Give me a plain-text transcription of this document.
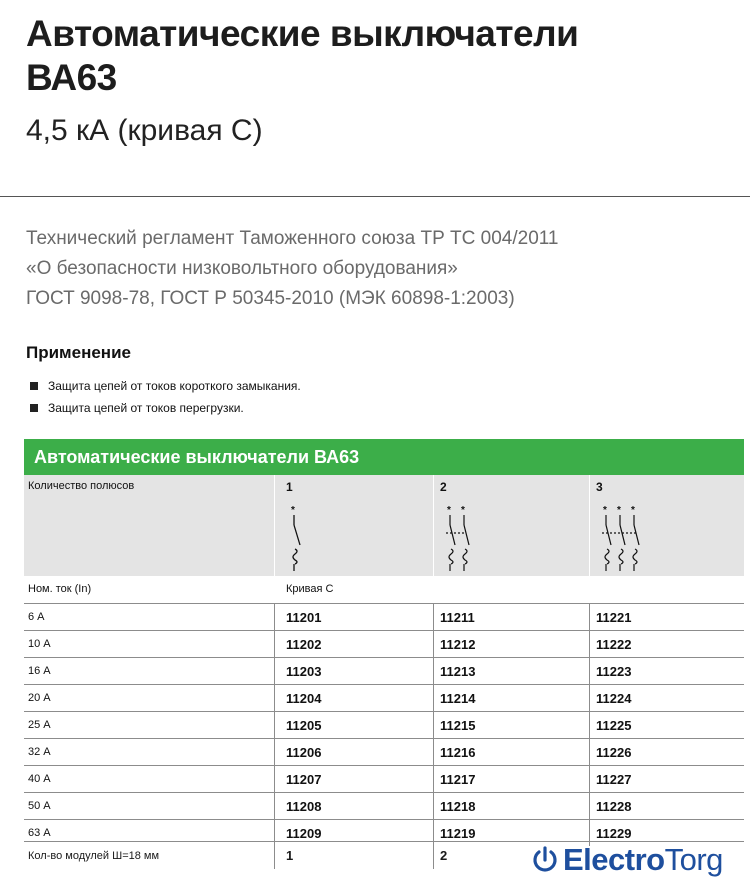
Автоматические выключатели
ВА63
4,5 кА (кривая С)
Технический регламент Таможенного союза ТР ТС 004/2011
«О безопасности низковольтного оборудования»
ГОСТ 9098-78, ГОСТ Р 50345-2010 (МЭК 60898-1:2003)
Применение
Защита цепей от токов короткого замыкания.
Защита цепей от токов перегрузки.
Автоматические выключатели ВА63
Количество полюсов	1	2	3
*	* *	* * *
Ном. ток (In)	Кривая С
6 А	11201	11211	11221
10 А	11202	11212	11222
16 А	11203	11213	11223
20 А	11204	11214	11224
25 А	11205	11215	11225
32 А	11206	11216	11226
40 А	11207	11217	11227
50 А	11208	11218	11228
63 А	11209	11219	11229
Кол-во модулей Ш=18 мм	1	2	Electro Torg
